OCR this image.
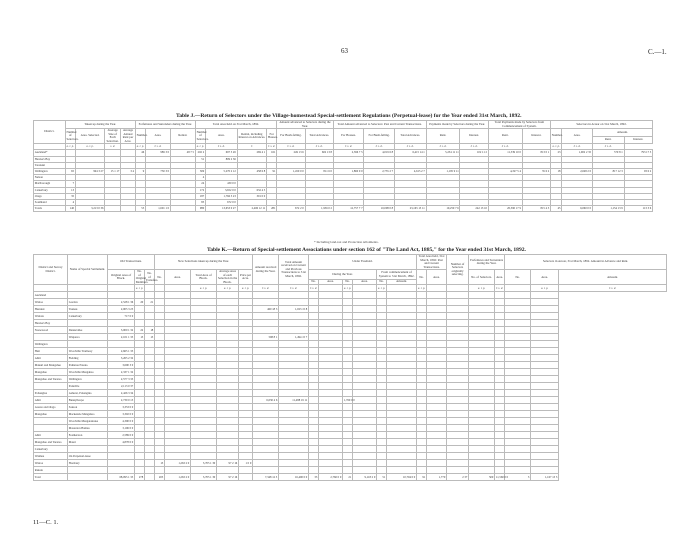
63	C.—1.
Table J.—Return of Selectors under the Village-homestead Special-settlement Regulations (Perpetual-lease) for the Year ended 31st March, 1892.
District.	Taken up during the Year.				Forfeitures and Surrenders during the Year.			Total Area held on 31st March, 1892.				Amount advanced to Selectors during the Year.		Total Amount advanced to Selectors: Past and Current Transactions.			Payments made by Selectors during the Year.		Total Payments made by Selectors from Commencement of System.		Selectors in Arrear on 31st March, 1892.			
	Number of Selectors.	Area. Selected.	Average Size of Each Selection.	Average Annual Rent per Acre.	Number.	Area.	Rental.	Number of Selectors.	Area.	Rental, including Interest on Advances.	For Houses.	For Bush-felling.	Total Advances.	For Houses.	For Bush-felling.	Total Advances.	Rent.	Interest.	Rent.	Interest.	Number.	Area.	Amount.	
																							Rent.	Interest.
	a. r. p.	a. r. p.	s. d.		a. r. p.	£ s. d.		a. r. p.	£ s. d.	£	£ s. d.	£ s. d.	£ s. d.	£ s. d.	£ s. d.	£ s. d.	£ s. d.	£ s. d.	£ s. d.		a. r. p.	£ s. d.	£ s. d.	
Auckland*					46	989 3 0	48 7 5	202 2	697 3 26	269 4 1	161	249 13 6	602 13 8	2,396 7 5	4,019 6 8	6,415 14 1	5,234 11 11	102 11 2	11,539 10 0	813 0 1	23	1,002 2 35	579 8 1	793 17 3
Hawke's Bay								51	809 2 36															
Taranaki																								
Wellington	65	994 3 27	15 1 17	3 4	9	750 3 0		309	5,270 2 12	458 6 8	91	1,450 0 0	811 6 0	1,860 0 0	2,755 2 7	4,615 2 7	1,195 9 11		4,197 5 4	35 6 2	18	2,048 2 0	817 12 3	93 6 2
Nelson								4																
Marlborough	7							24	430 0 0															
Canterbury	13							172	3,652 0 0	632 4 5														
Otago	35							187	1,766 3 23	391 0 0														
Southland	4							85	672 0 0															
Totals	140	3,213 0 36			55	1,601 1 0		980	13,653 0 27	2,406 12 11	281	672 2 0	1,956 0 2	12,757 7 7	10,008 0 8	23,165 13 11	10,259 7 6	242 13 10	20,390 17 9	815 4 3	45	6,060 0 0	1,154 13 9	113 3 6
* Including land-tax and Protection Allotments.
Table K.—Return of Special-settlement Associations under section 162 of "The Land Act, 1885," for the Year ended 31st March, 1892.
District and Survey District.	Name of Special Settlement.	Old Transactions.			New Selections taken up during the Year.					Amount received during the Year.	Total Amount received on Current and Previous Transactions to 31st March, 1892.	Under Freehold.						Total Area held, 31st March, 1892: Past and Current Transactions.		Number of Selectors originally selecting.	Forfeitures and Surrenders during the Year.		Selectors in Arrear, 31st March, 1892. Amount in Advance and Rent.		
		Original Area of Block.	No. of Original Members.	No. of Transfers.	No.	Area.	Total Area of Block.	Average Area of each Selection in the Block.	Price per Acre.			During the Year.				From commencement of System to 31st March, 1892.		No.	Area.		No. of Selectors.	Area.	No.	Area.	Amount.
												No.	Area.	No.	Area.	No.	Amount.								
			a. r. p.				a. r. p.	a. r. p.	a. r. p.	£ s. d.	£ s. d.	£ s. d.		a. r. p.		a. r. p.		a. r. p.			a. r. p.	£ s. d.		a. r. p.	£ s. d.
Auckland																									
Waitoa	Gordon	2,528 1 36	20	21																					
Hurunui	Tuakau	2,005 3 25								460 18 3	1,023 15 8														
Waitotu	Canterbury	717 0 0																							
Hawke's Bay																									
Norsewood	Dannevirke	3,000 1 32	22	18																					
	Waipawa	2,101 1 35	13	13						598 8 1	1,494 15 7														
Wellington																									
Hutt	Woodville Tramway	2,665 1 35																							
Ahiti	Fielding	3,265 2 32																							
Makuri and Mangahao	Pahiatua Extens.	3,690 3 0																							
Mangahao	Woodville Mangahao	2,337 1 32																							
Mangahao and Tararua	Wellington	2,577 3 33																							
	Parkville	2,113 0 37																							
Pohangina	Ashurst, Pohangina	2,426 3 34																							
Ahiti	Bunnythorpe	2,739 0 13								6,030 4 6	11,488 19 11			1,760 0 0											
Aorere and Otago	Sanson	3,353 0 0																							
Mangahao	Mackenzie Mangahao	3,302 0 0																							
	Woodville Mangatainoka	4,390 0 0																							
	Masterton Hamua	3,106 0 0																							
Ahiti	Featherston	2,589 0 0																							
Mangahao and Tararua	Mauri	4,878 0 0																							
Canterbury																									
Waimea	On Perpetual-lease																								
Wairoa	Horsbury				13	1,263 2 0	3,705 1 30	97 2 16	1 0 0																
Rakaia																									
Total		68,095 1 35	278		205	1,263 2 0	3,705 1 30	97 2 16		7,348 12 3	16,490 0 0	33	2,760 0 0	21	9,118 2 0	51	10,794 0 0	91	1,770	2 37	509	11,560 0 0	3	1,167 13 3	
11—C. 1.
